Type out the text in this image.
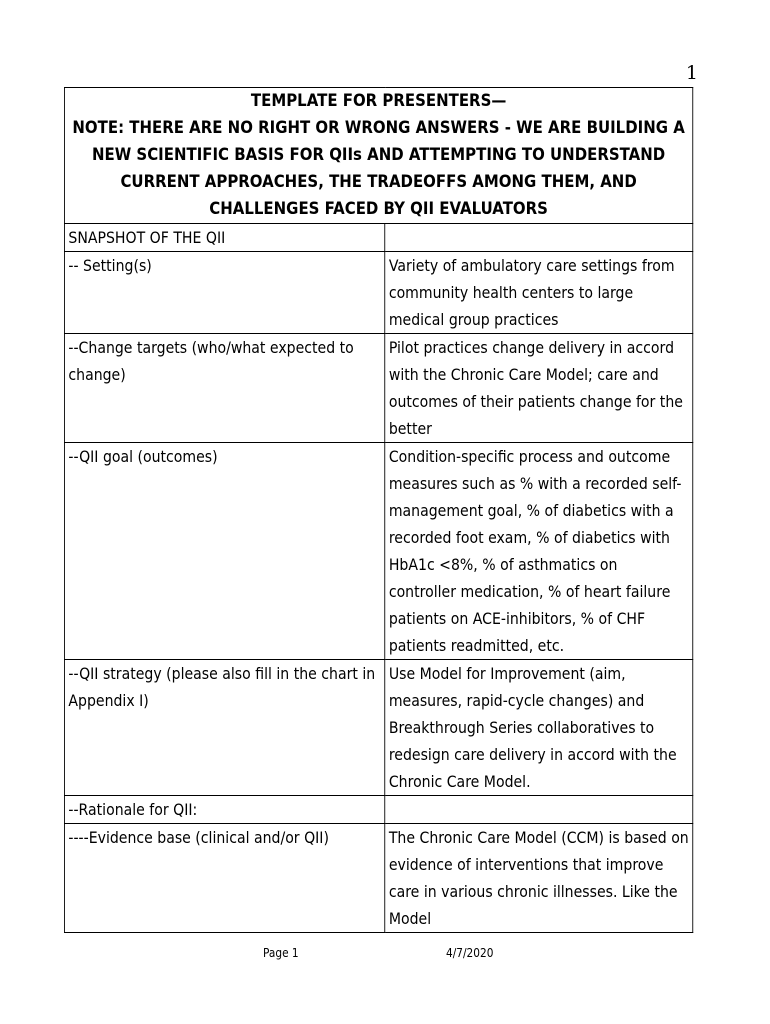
1
TEMPLATE FOR PRESENTERS—
NOTE: THERE ARE NO RIGHT OR WRONG ANSWERS - WE ARE BUILDING A NEW SCIENTIFIC BASIS FOR QIIs AND ATTEMPTING TO UNDERSTAND CURRENT APPROACHES, THE TRADEOFFS AMONG THEM, AND CHALLENGES FACED BY QII EVALUATORS	

SNAPSHOT OF THE QII	
-- Setting(s)	Variety of ambulatory care settings from community health centers to large medical group practices
--Change targets (who/what expected to change)	Pilot practices change delivery in accord with the Chronic Care Model; care and outcomes of their patients change for the better
--QII goal (outcomes)	Condition-specific process and outcome measures such as % with a recorded self-management goal, % of diabetics with a recorded foot exam, % of diabetics with HbA1c <8%, % of asthmatics on controller medication, % of heart failure patients on ACE-inhibitors, % of CHF patients readmitted, etc.
--QII strategy (please also fill in the chart in Appendix I)	Use Model for Improvement (aim, measures, rapid-cycle changes) and Breakthrough Series collaboratives to redesign care delivery in accord with the Chronic Care Model.
--Rationale for QII:	
----Evidence base (clinical and/or QII)	The Chronic Care Model (CCM) is based on evidence of interventions that improve care in various chronic illnesses. Like the Model
Page 1	4/7/2020
